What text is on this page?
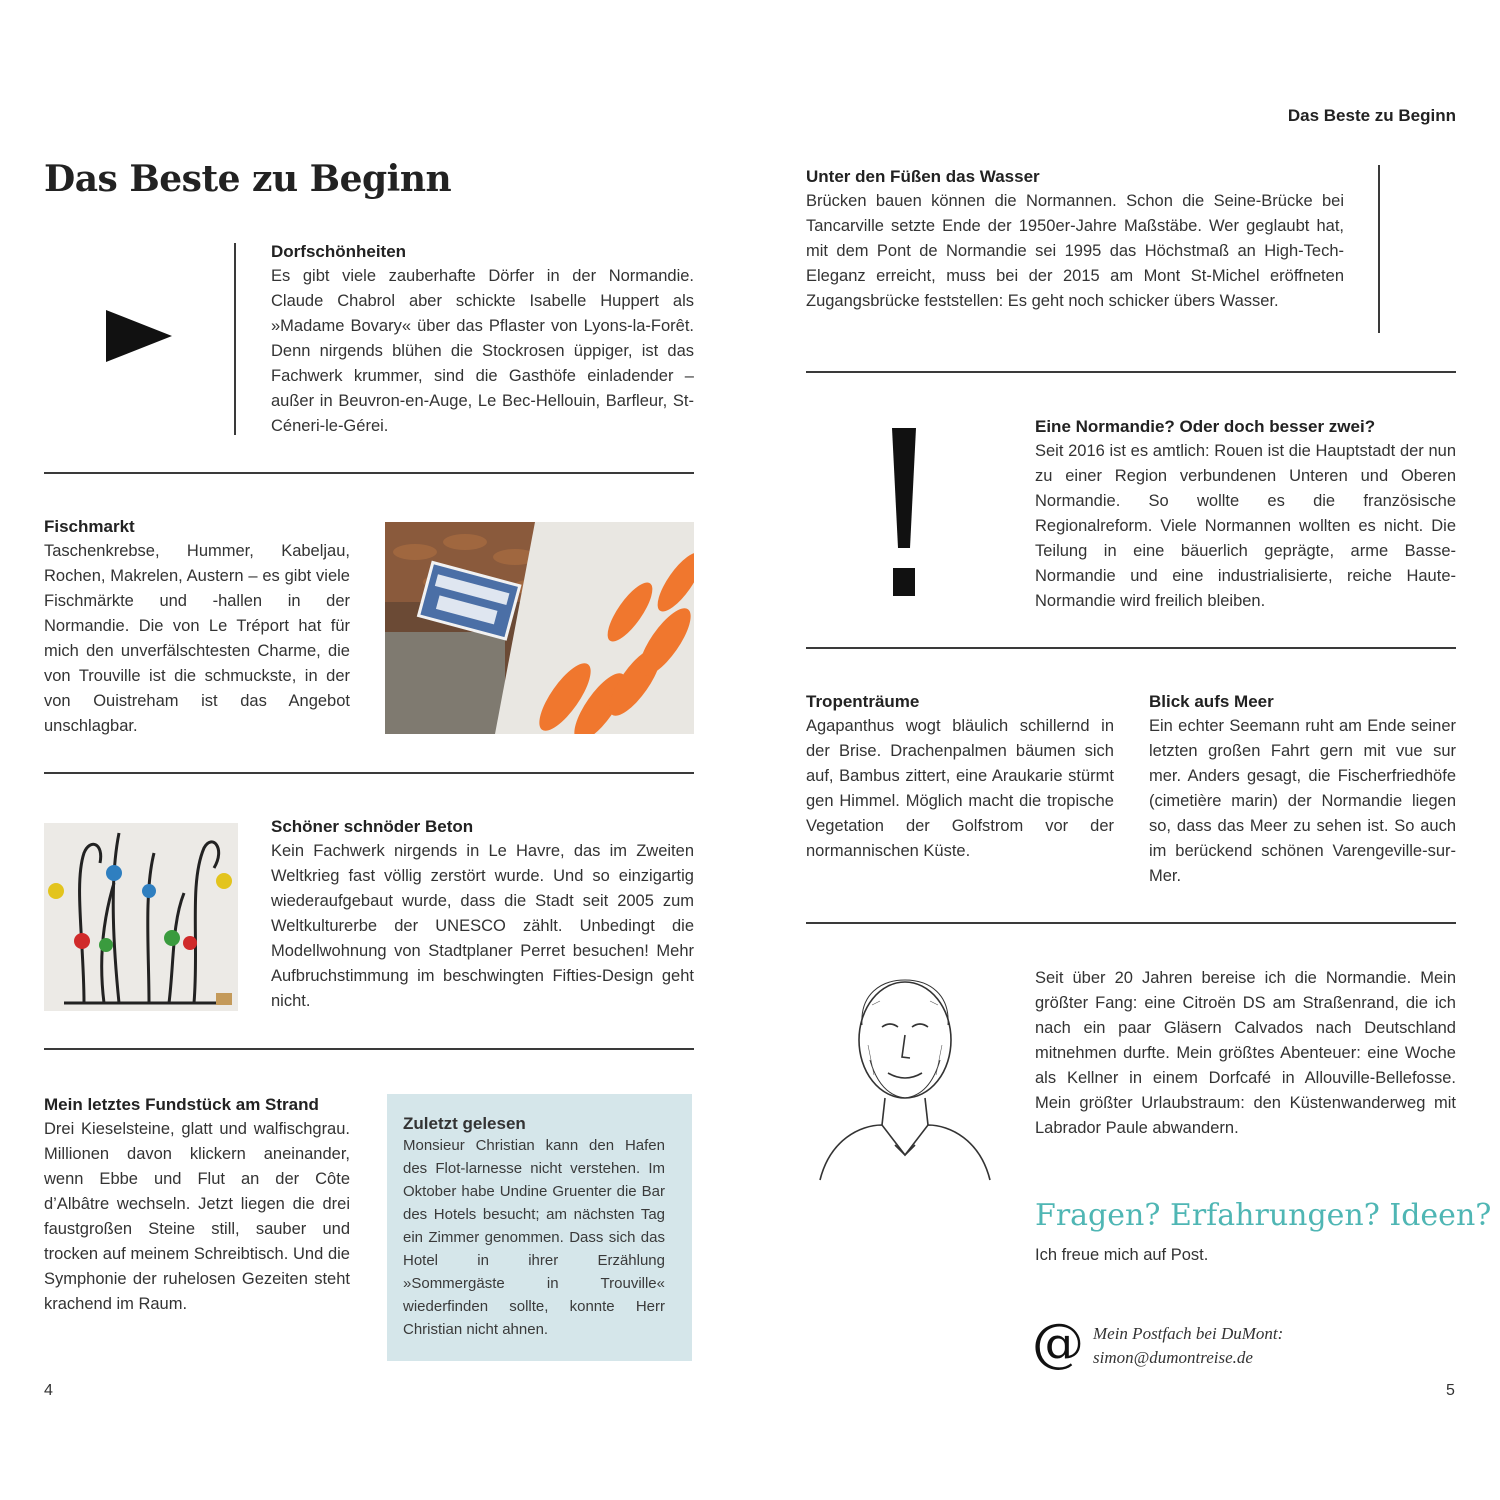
Das Beste zu Beginn
Das Beste zu Beginn

Dorfschönheiten

Es gibt viele zauberhafte Dörfer in der Normandie. Claude Chabrol aber schickte Isabelle Huppert als »Madame Bovary« über das Pflaster von Lyons-la-Forêt. Denn nirgends blühen die Stockrosen üppiger, ist das Fachwerk krummer, sind die Gasthöfe einladender – außer in Beuvron-en-Auge, Le Bec-Hellouin, Barfleur, St-Céneri-le-Gérei.

Fischmarkt

Taschenkrebse, Hummer, Kabeljau, Rochen, Makrelen, Austern – es gibt viele Fischmärkte und -hallen in der Normandie. Die von Le Tréport hat für mich den unverfälschtesten Charme, die von Trouville ist die schmuckste, in der von Ouistreham ist das Angebot unschlagbar.

Schöner schnöder Beton

Kein Fachwerk nirgends in Le Havre, das im Zweiten Weltkrieg fast völlig zerstört wurde. Und so einzigartig wiederaufgebaut wurde, dass die Stadt seit 2005 zum Weltkulturerbe der UNESCO zählt. Unbedingt die Modellwohnung von Stadtplaner Perret besuchen! Mehr Aufbruchstimmung im beschwingten Fifties-Design geht nicht.

Mein letztes Fundstück am Strand

Drei Kieselsteine, glatt und walfischgrau. Millionen davon klickern aneinander, wenn Ebbe und Flut an der Côte d’Albâtre wechseln. Jetzt liegen die drei faustgroßen Steine still, sauber und trocken auf meinem Schreibtisch. Und die Symphonie der ruhelosen Gezeiten steht krachend im Raum.

Zuletzt gelesen
Monsieur Christian kann den Hafen des Flot-larnesse nicht verstehen. Im Oktober habe Undine Gruenter die Bar des Hotels besucht; am nächsten Tag ein Zimmer genommen. Dass sich das Hotel in ihrer Erzählung »Sommergäste in Trouville« wiederfinden sollte, konnte Herr Christian nicht ahnen.
4

Unter den Füßen das Wasser

Brücken bauen können die Normannen. Schon die Seine-Brücke bei Tancarville setzte Ende der 1950er-Jahre Maßstäbe. Wer geglaubt hat, mit dem Pont de Normandie sei 1995 das Höchstmaß an High-Tech-Eleganz erreicht, muss bei der 2015 am Mont St-Michel eröffneten Zugangsbrücke feststellen: Es geht noch schicker übers Wasser.

Eine Normandie? Oder doch besser zwei?

Seit 2016 ist es amtlich: Rouen ist die Hauptstadt der nun zu einer Region verbundenen Unteren und Oberen Normandie. So wollte es die französische Regionalreform. Viele Normannen wollten es nicht. Die Teilung in eine bäuerlich geprägte, arme Basse-Normandie und eine industrialisierte, reiche Haute-Normandie wird freilich bleiben.

Tropenträume

Agapanthus wogt bläulich schillernd in der Brise. Drachenpalmen bäumen sich auf, Bambus zittert, eine Araukarie stürmt gen Himmel. Möglich macht die tropische Vegetation der Golfstrom vor der normannischen Küste.

Blick aufs Meer

Ein echter Seemann ruht am Ende seiner letzten großen Fahrt gern mit vue sur mer. Anders gesagt, die Fischerfriedhöfe (cimetière marin) der Normandie liegen so, dass das Meer zu sehen ist. So auch im berückend schönen Varengeville-sur-Mer.

Seit über 20 Jahren bereise ich die Normandie. Mein größter Fang: eine Citroën DS am Straßenrand, die ich nach ein paar Gläsern Calvados nach Deutschland mitnehmen durfte. Mein größtes Abenteuer: eine Woche als Kellner in einem Dorfcafé in Allouville-Bellefosse. Mein größter Urlaubstraum: den Küstenwanderweg mit Labrador Paule abwandern.

Fragen? Erfahrungen? Ideen?
Ich freue mich auf Post.
@ Mein Postfach bei DuMont:
simon@dumontreise.de
5
